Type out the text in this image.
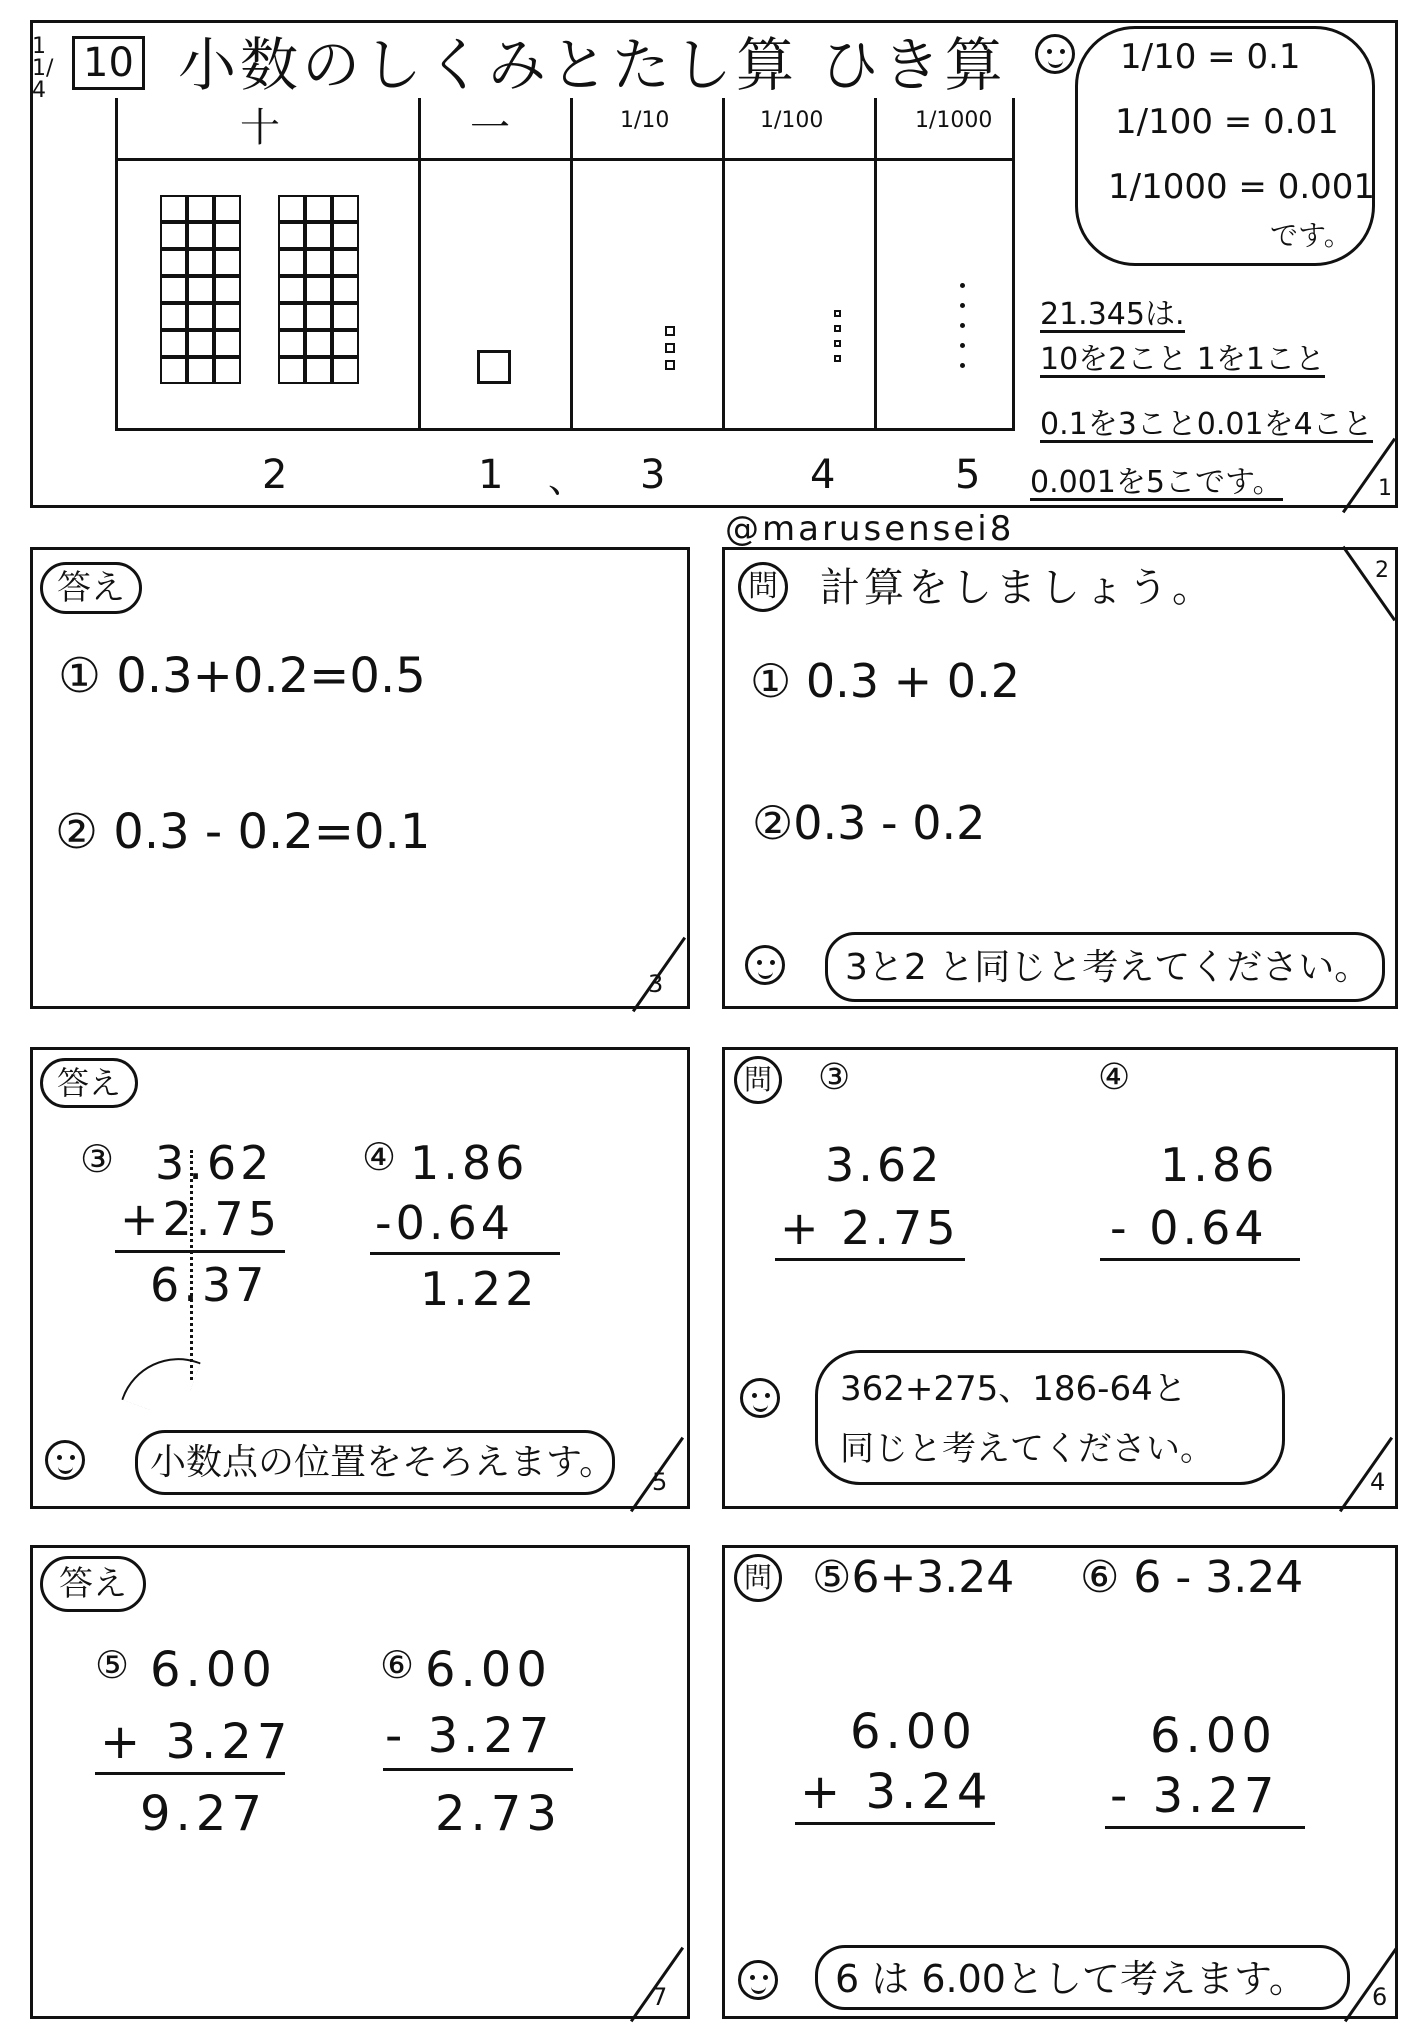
11/4
10 小数のしくみとたし算 ひき算
十	一	1/10	1/100	1/1000
2	1 、 3	4	5
1/10 = 0.1
1/100 = 0.01
1/1000 = 0.001
です。
21.345は.
10を2こと 1を1こと
0.1を3こと0.01を4こと
0.001を5こです。	1
@marusensei8
答え
① 0.3+0.2=0.5
② 0.3 - 0.2=0.1
3
問 計算をしましょう。
① 0.3 + 0.2
②0.3 - 0.2
2
3と2 と同じと考えてください。
答え
③ 3.62
+2.75
6.37
④ 1.86
-0.64
1.22
小数点の位置をそろえます。 5
問 ③	④
3.62
+ 2.75
1.86
- 0.64
362+275、186-64と
同じと考えてください。
4
答え
⑤ 6.00
+ 3.27
9.27
⑥ 6.00
- 3.27
2.73
7
問 ⑤6+3.24 ⑥ 6 - 3.24
6.00
+ 3.24
6.00
- 3.27
6 は 6.00として考えます。	6
